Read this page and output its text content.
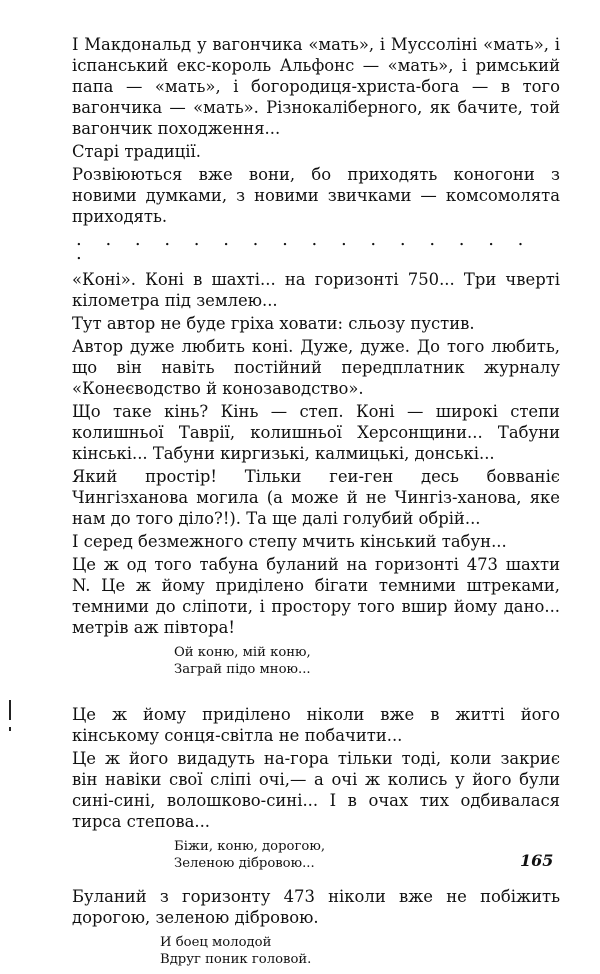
І Макдональд у вагончика «мать», і Муссоліні «мать», і іспанський екс-король Альфонс — «мать», і римський папа — «мать», і богородиця-христа-бога — в того вагончика — «мать». Різнокаліберного, як бачите, той вагончик походження...

Старі традиції.

Розвіюються вже вони, бо приходять коногони з новими думками, з новими звичками — комсомолята приходять.

. . . . . . . . . . . . . . . . .

«Коні». Коні в шахті... на горизонті 750... Три чверті кілометра під землею...

Тут автор не буде гріха ховати: сльозу пустив.

Автор дуже любить коні. Дуже, дуже. До того любить, що він навіть постійний передплатник журналу «Конеєводство й конозаводство».

Що таке кінь? Кінь — степ. Коні — широкі степи колишньої Таврії, колишньої Херсонщини... Табуни кінські... Табуни киргизькі, калмицькі, донські...

Який простір! Тільки геи-ген десь бовваніє Чингізханова могила (а може й не Чингіз-ханова, яке нам до того діло?!). Та ще далі голубий обрій...

І серед безмежного степу мчить кінський табун...

Це ж од того табуна буланий на горизонті 473 шахти N. Це ж йому приділено бігати темними штреками, темними до сліпоти, і простору того вшир йому дано... метрів аж півтора!

Ой коню, мій коню,
Заграй підо мною...

Це ж йому приділено ніколи вже в житті його кінському сонця-світла не побачити...

Це ж його видадуть на-гора тільки тоді, коли закриє він навіки свої сліпі очі,— а очі ж колись у його були сині-сині, волошково-сині... І в очах тих одбивалася тирса степова...

Біжи, коню, дорогою,
Зеленою дібровою...

Буланий з горизонту 473 ніколи вже не побіжить дорогою, зеленою дібровою.

И боец молодой
Вдруг поник головой.
165
